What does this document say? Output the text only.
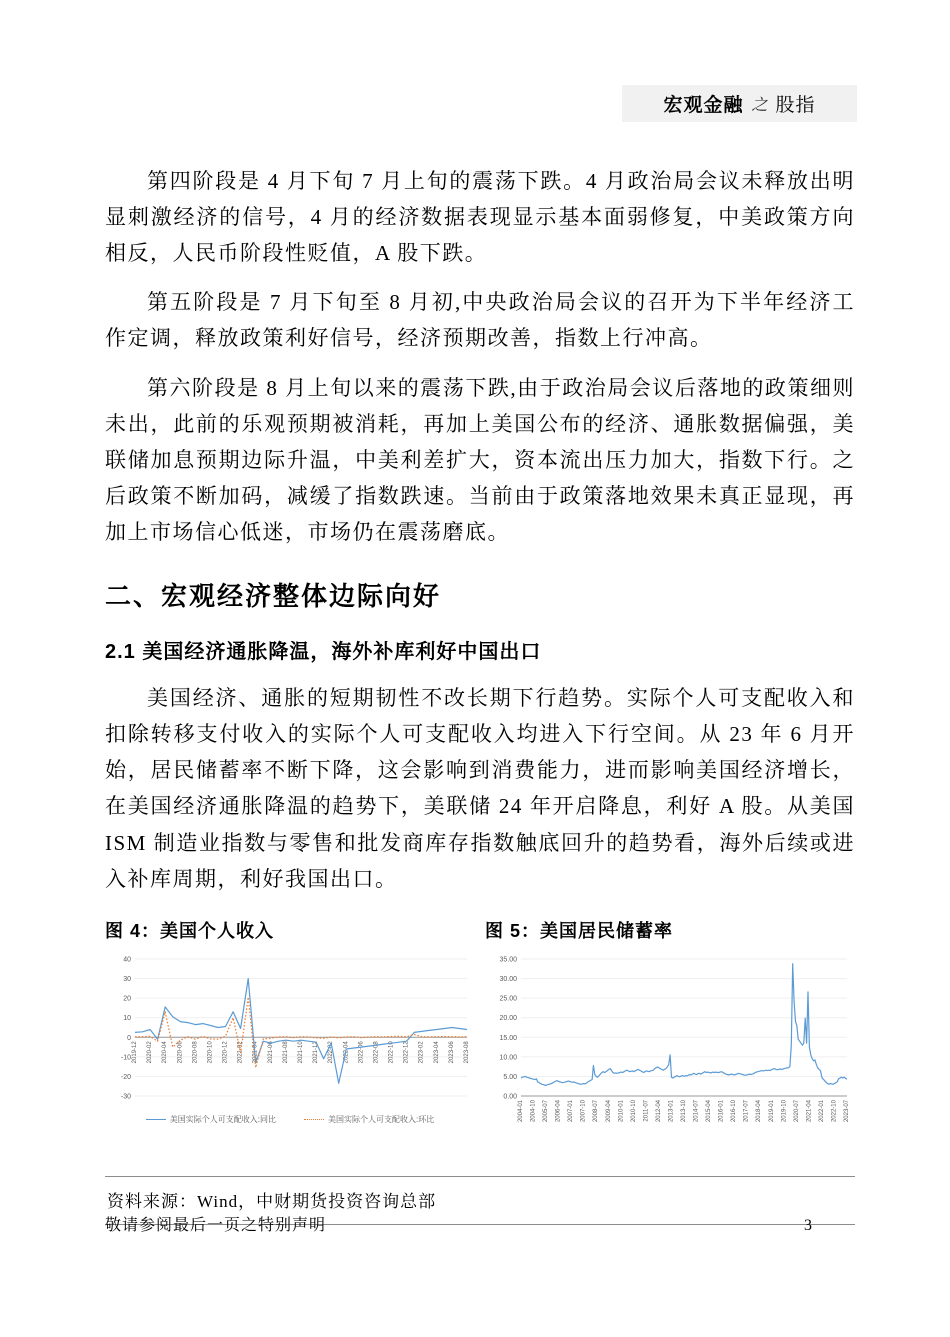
宏观金融 之 股指

第四阶段是 4 月下旬 7 月上旬的震荡下跌。4 月政治局会议未释放出明显刺激经济的信号，4 月的经济数据表现显示基本面弱修复，中美政策方向相反，人民币阶段性贬值，A 股下跌。

第五阶段是 7 月下旬至 8 月初,中央政治局会议的召开为下半年经济工作定调，释放政策利好信号，经济预期改善，指数上行冲高。

第六阶段是 8 月上旬以来的震荡下跌,由于政治局会议后落地的政策细则未出，此前的乐观预期被消耗，再加上美国公布的经济、通胀数据偏强，美联储加息预期边际升温，中美利差扩大，资本流出压力加大，指数下行。之后政策不断加码，减缓了指数跌速。当前由于政策落地效果未真正显现，再加上市场信心低迷，市场仍在震荡磨底。

二、宏观经济整体边际向好
2.1 美国经济通胀降温，海外补库利好中国出口

美国经济、通胀的短期韧性不改长期下行趋势。实际个人可支配收入和扣除转移支付收入的实际个人可支配收入均进入下行空间。从 23 年 6 月开始，居民储蓄率不断下降，这会影响到消费能力，进而影响美国经济增长，在美国经济通胀降温的趋势下，美联储 24 年开启降息，利好 A 股。从美国 ISM 制造业指数与零售和批发商库存指数触底回升的趋势看，海外后续或进入补库周期，利好我国出口。

图 4：美国个人收入
40
30
20
10
0
-10
-20
-30
2019-12 2020-02 2020-04 2020-06 2020-08 2020-10 2020-12 2021-02 2021-04 2021-06 2021-08 2021-10 2021-12 2022-02 2022-04 2022-06 2022-08 2022-10 2022-12 2023-02 2023-04 2023-06 2023-08
美国实际个人可支配收入:同比	美国实际个人可支配收入:环比
图 5：美国居民储蓄率
35.00
30.00
25.00
20.00
15.00
10.00
5.00
0.00
2004-01 2004-10 2005-07 2006-04 2007-01 2007-10 2008-07 2009-04 2010-01 2010-10 2011-07 2012-04 2013-01 2013-10 2014-07 2015-04 2016-01 2016-10 2017-07 2018-04 2019-01 2019-10 2020-07 2021-04 2022-01 2022-10 2023-07
资料来源：Wind，中财期货投资咨询总部
敬请参阅最后一页之特别声明	3
